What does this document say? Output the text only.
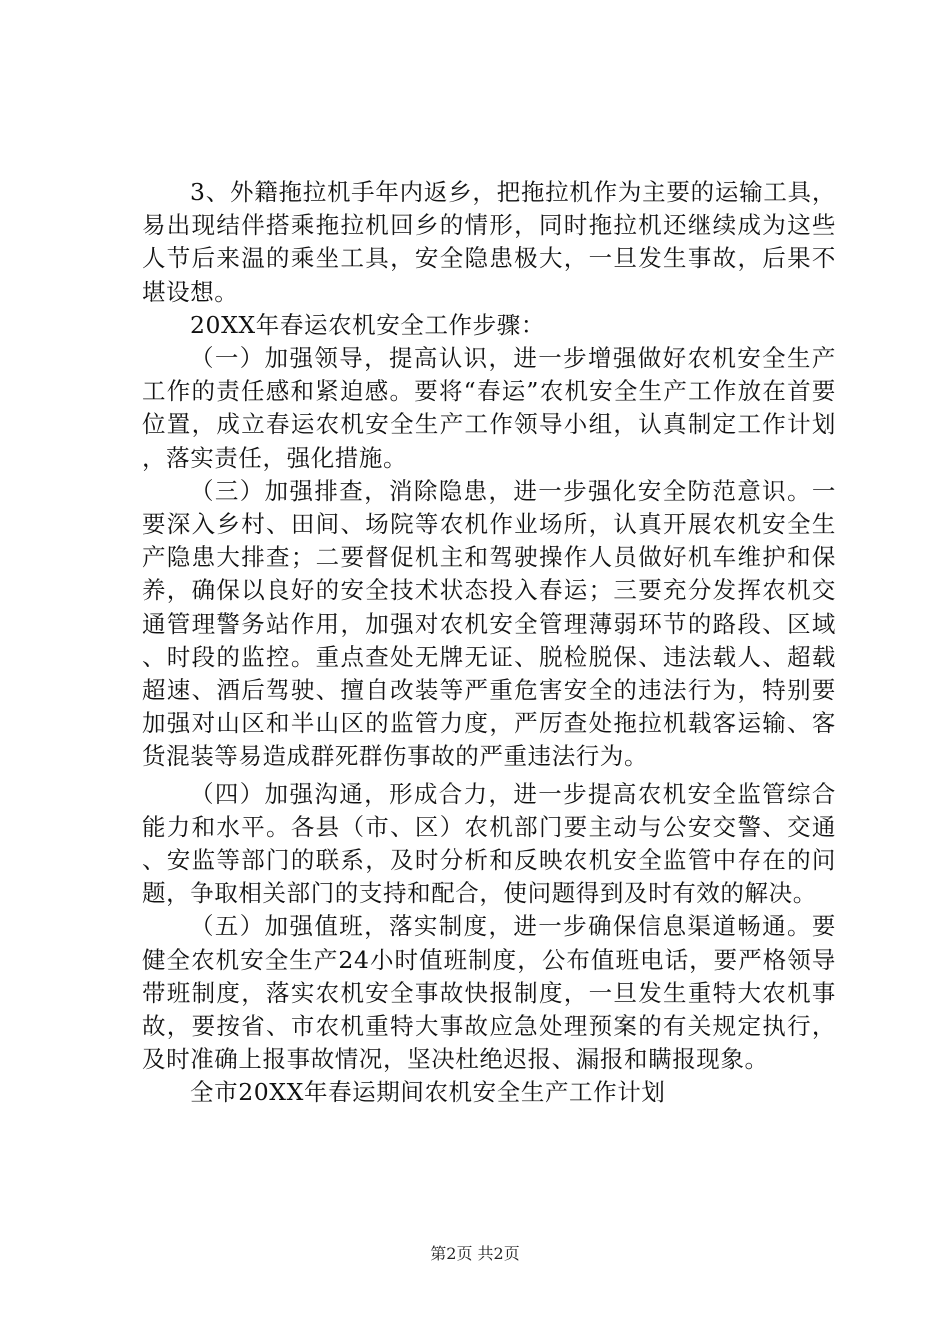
3、外籍拖拉机手年内返乡，把拖拉机作为主要的运输工具，易出现结伴搭乘拖拉机回乡的情形，同时拖拉机还继续成为这些人节后来温的乘坐工具，安全隐患极大，一旦发生事故，后果不堪设想。

20XX年春运农机安全工作步骤：

（一）加强领导，提高认识，进一步增强做好农机安全生产工作的责任感和紧迫感。要将“春运”农机安全生产工作放在首要位置，成立春运农机安全生产工作领导小组，认真制定工作计划，落实责任，强化措施。

（三）加强排查，消除隐患，进一步强化安全防范意识。一要深入乡村、田间、场院等农机作业场所，认真开展农机安全生产隐患大排查；二要督促机主和驾驶操作人员做好机车维护和保养，确保以良好的安全技术状态投入春运；三要充分发挥农机交通管理警务站作用，加强对农机安全管理薄弱环节的路段、区域、时段的监控。重点查处无牌无证、脱检脱保、违法载人、超载超速、酒后驾驶、擅自改装等严重危害安全的违法行为，特别要加强对山区和半山区的监管力度，严厉查处拖拉机载客运输、客货混装等易造成群死群伤事故的严重违法行为。

（四）加强沟通，形成合力，进一步提高农机安全监管综合能力和水平。各县（市、区）农机部门要主动与公安交警、交通、安监等部门的联系，及时分析和反映农机安全监管中存在的问题，争取相关部门的支持和配合，使问题得到及时有效的解决。

（五）加强值班，落实制度，进一步确保信息渠道畅通。要健全农机安全生产24小时值班制度，公布值班电话，要严格领导带班制度，落实农机安全事故快报制度，一旦发生重特大农机事故，要按省、市农机重特大事故应急处理预案的有关规定执行，及时准确上报事故情况，坚决杜绝迟报、漏报和瞒报现象。

全市20XX年春运期间农机安全生产工作计划

第2页 共2页
